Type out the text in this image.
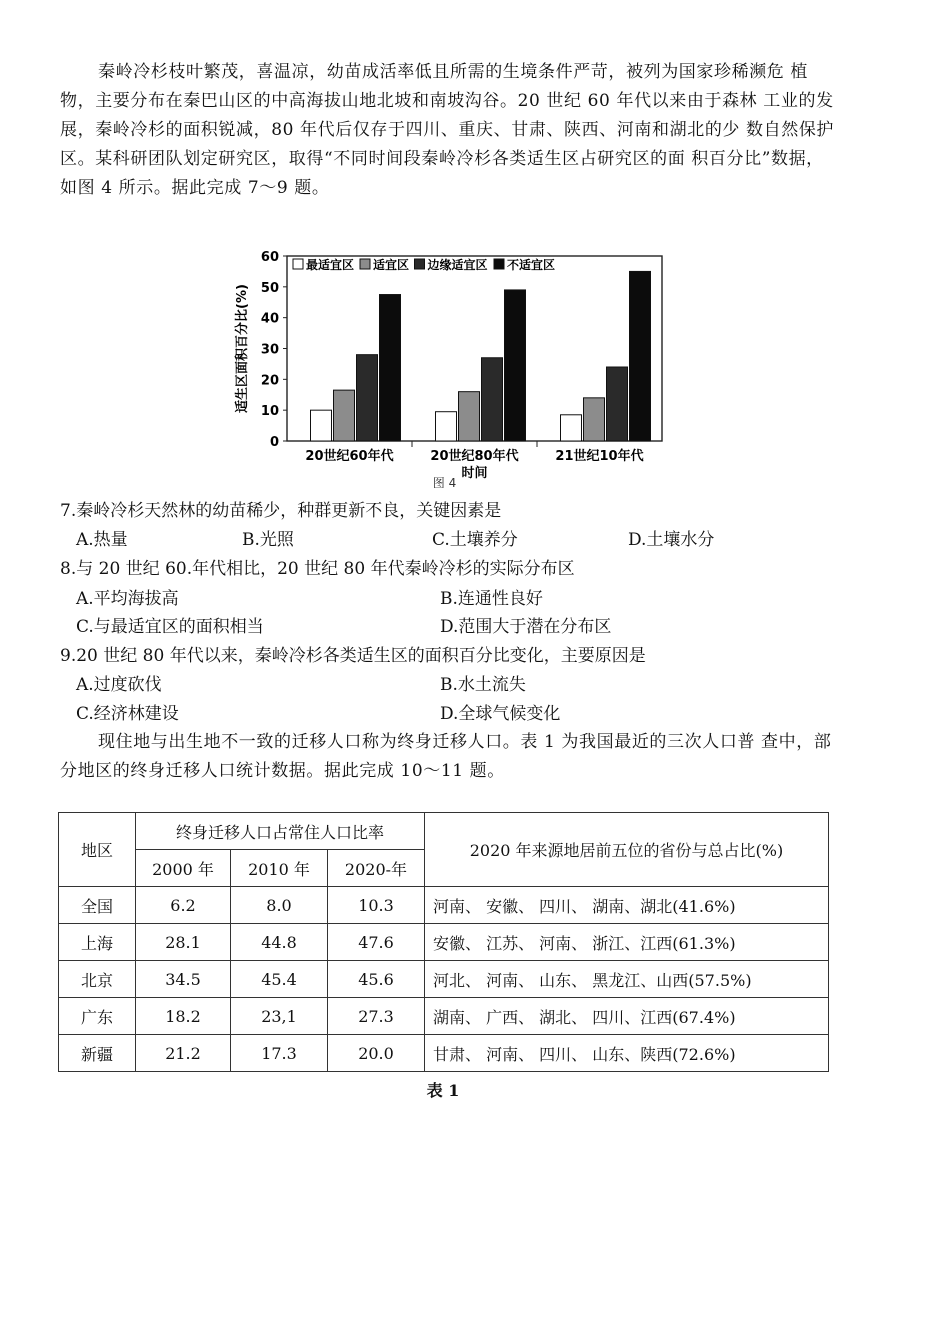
秦岭冷杉枝叶繁茂，喜温凉，幼苗成活率低且所需的生境条件严苛，被列为国家珍稀濒危 植物，主要分布在秦巴山区的中高海拔山地北坡和南坡沟谷。20 世纪 60 年代以来由于森林 工业的发展，秦岭冷杉的面积锐减，80 年代后仅存于四川、重庆、甘肃、陕西、河南和湖北的少 数自然保护区。某科研团队划定研究区，取得“不同时间段秦岭冷杉各类适生区占研究区的面 积百分比”数据，如图 4 所示。据此完成 7～9 题。
0
10
20
30
40
50
60
适生区面积百分比(%)
20世纪60年代	20世纪80年代	21世纪10年代
时间
最适宜区 适宜区 边缘适宜区 不适宜区
图 4
7.秦岭冷杉天然林的幼苗稀少，种群更新不良，关键因素是
A.热量	B.光照	C.土壤养分	D.土壤水分
8.与 20 世纪 60.年代相比，20 世纪 80 年代秦岭冷杉的实际分布区
A.平均海拔高	B.连通性良好
C.与最适宜区的面积相当	D.范围大于潜在分布区
9.20 世纪 80 年代以来，秦岭冷杉各类适生区的面积百分比变化，主要原因是
A.过度砍伐	B.水土流失
C.经济林建设	D.全球气候变化
现住地与出生地不一致的迁移人口称为终身迁移人口。表 1 为我国最近的三次人口普 查中，部分地区的终身迁移人口统计数据。据此完成 10～11 题。
地区	终身迁移人口占常住人口比率			2020 年来源地居前五位的省份与总占比(%)
	2000 年	2010 年	2020-年	
全国	6.2	8.0	10.3	河南、 安徽、 四川、 湖南、湖北(41.6%)
上海	28.1	44.8	47.6	安徽、 江苏、 河南、 浙江、江西(61.3%)
北京	34.5	45.4	45.6	河北、 河南、 山东、 黑龙江、山西(57.5%)
广东	18.2	23,1	27.3	湖南、 广西、 湖北、 四川、江西(67.4%)
新疆	21.2	17.3	20.0	甘肃、 河南、 四川、 山东、陕西(72.6%)
表 1
